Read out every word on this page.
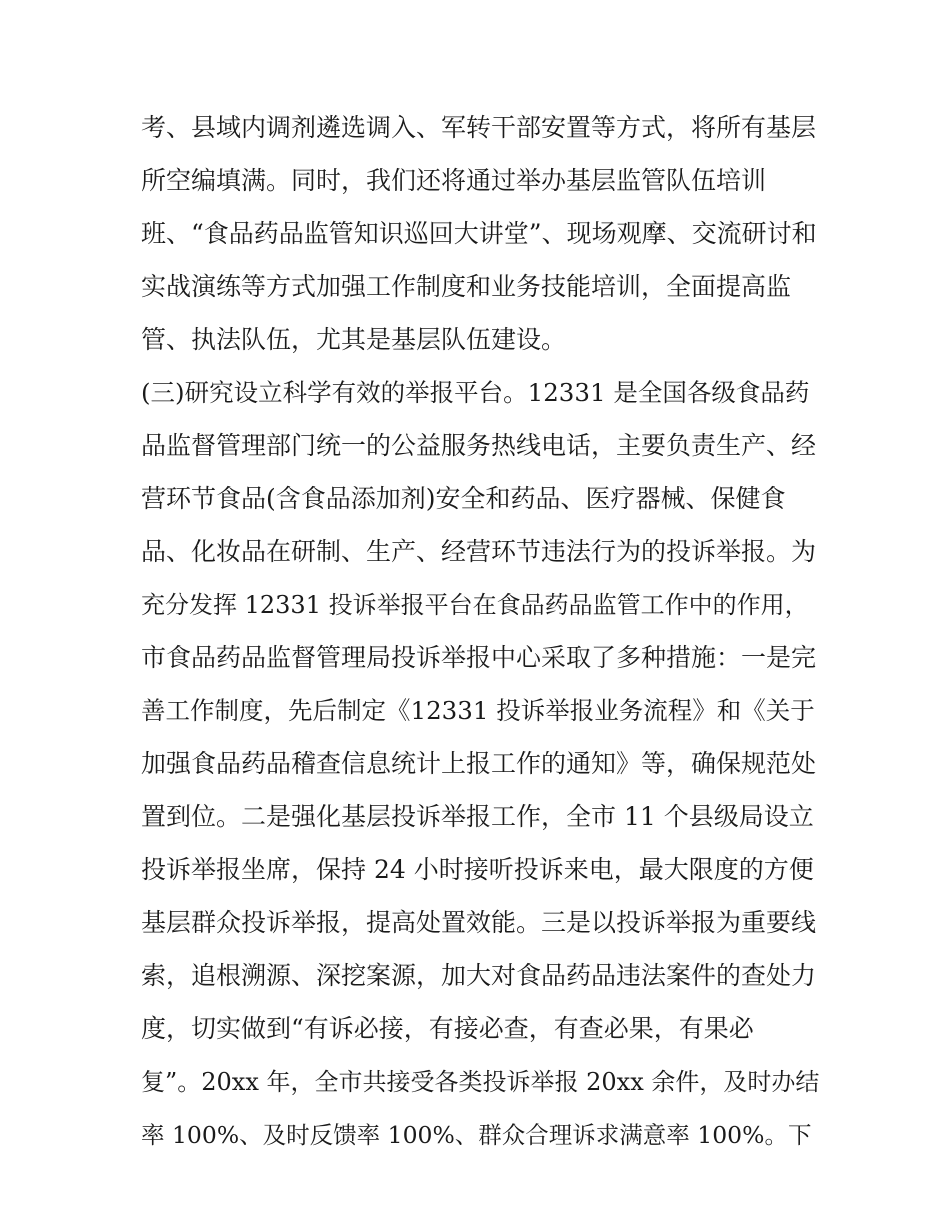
考、县域内调剂遴选调入、军转干部安置等方式，将所有基层
所空编填满。同时，我们还将通过举办基层监管队伍培训
班、“食品药品监管知识巡回大讲堂”、现场观摩、交流研讨和
实战演练等方式加强工作制度和业务技能培训，全面提高监
管、执法队伍，尤其是基层队伍建设。
(三)研究设立科学有效的举报平台。12331 是全国各级食品药
品监督管理部门统一的公益服务热线电话，主要负责生产、经
营环节食品(含食品添加剂)安全和药品、医疗器械、保健食
品、化妆品在研制、生产、经营环节违法行为的投诉举报。为
充分发挥 12331 投诉举报平台在食品药品监管工作中的作用，
市食品药品监督管理局投诉举报中心采取了多种措施：一是完
善工作制度，先后制定《12331 投诉举报业务流程》和《关于
加强食品药品稽查信息统计上报工作的通知》等，确保规范处
置到位。二是强化基层投诉举报工作，全市 11 个县级局设立
投诉举报坐席，保持 24 小时接听投诉来电，最大限度的方便
基层群众投诉举报，提高处置效能。三是以投诉举报为重要线
索，追根溯源、深挖案源，加大对食品药品违法案件的查处力
度，切实做到“有诉必接，有接必查，有查必果，有果必
复”。20xx 年，全市共接受各类投诉举报 20xx 余件，及时办结
率 100%、及时反馈率 100%、群众合理诉求满意率 100%。下
